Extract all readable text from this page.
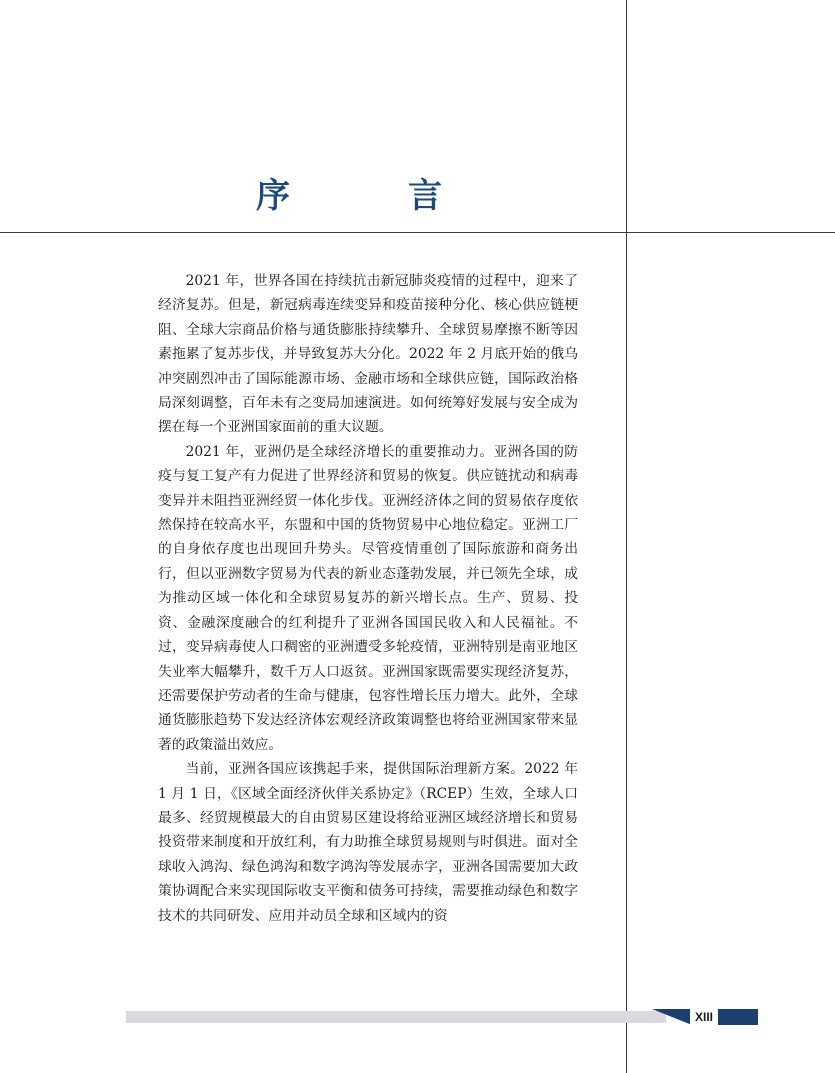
序　言

2021 年，世界各国在持续抗击新冠肺炎疫情的过程中，迎来了经济复苏。但是，新冠病毒连续变异和疫苗接种分化、核心供应链梗阻、全球大宗商品价格与通货膨胀持续攀升、全球贸易摩擦不断等因素拖累了复苏步伐，并导致复苏大分化。2022 年 2 月底开始的俄乌冲突剧烈冲击了国际能源市场、金融市场和全球供应链，国际政治格局深刻调整，百年未有之变局加速演进。如何统筹好发展与安全成为摆在每一个亚洲国家面前的重大议题。

2021 年，亚洲仍是全球经济增长的重要推动力。亚洲各国的防疫与复工复产有力促进了世界经济和贸易的恢复。供应链扰动和病毒变异并未阻挡亚洲经贸一体化步伐。亚洲经济体之间的贸易依存度依然保持在较高水平，东盟和中国的货物贸易中心地位稳定。亚洲工厂的自身依存度也出现回升势头。尽管疫情重创了国际旅游和商务出行，但以亚洲数字贸易为代表的新业态蓬勃发展，并已领先全球，成为推动区域一体化和全球贸易复苏的新兴增长点。生产、贸易、投资、金融深度融合的红利提升了亚洲各国国民收入和人民福祉。不过，变异病毒使人口稠密的亚洲遭受多轮疫情，亚洲特别是南亚地区失业率大幅攀升，数千万人口返贫。亚洲国家既需要实现经济复苏，还需要保护劳动者的生命与健康，包容性增长压力增大。此外，全球通货膨胀趋势下发达经济体宏观经济政策调整也将给亚洲国家带来显著的政策溢出效应。

当前，亚洲各国应该携起手来，提供国际治理新方案。2022 年 1 月 1 日，《区域全面经济伙伴关系协定》（RCEP）生效，全球人口最多、经贸规模最大的自由贸易区建设将给亚洲区域经济增长和贸易投资带来制度和开放红利，有力助推全球贸易规则与时俱进。面对全球收入鸿沟、绿色鸿沟和数字鸿沟等发展赤字，亚洲各国需要加大政策协调配合来实现国际收支平衡和债务可持续，需要推动绿色和数字技术的共同研发、应用并动员全球和区域内的资

XIII
